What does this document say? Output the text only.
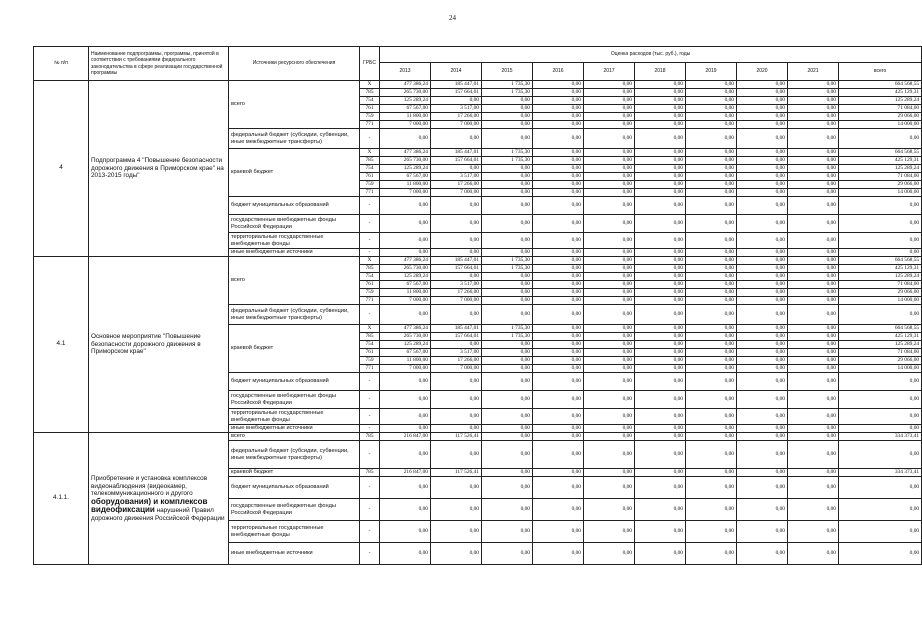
24
№ п/п	Наименование подпрограммы, программы, принятой в соответствии с требованиями федерального законодательства в сфере реализации государственной программы	Источники ресурсного обеспечения	ГРБС	Оценка расходов (тыс. руб.), годы									
				2013	2014	2015	2016	2017	2018	2019	2020	2021	всего
4	Подпрограмма 4 "Повышение безопасности дорожного движения в Приморском крае" на 2013-2015 годы"	всего	X	477 386,24	185 447,01	1 735,30	0,00	0,00	0,00	0,00	0,00	0,00	664 568,55
			785	265 730,00	157 664,01	1 735,30	0,00	0,00	0,00	0,00	0,00	0,00	425 129,31
			754	125 289,24	0,00	0,00	0,00	0,00	0,00	0,00	0,00	0,00	125 289,24
			761	67 567,00	3 517,00	0,00	0,00	0,00	0,00	0,00	0,00	0,00	71 084,00
			759	11 800,00	17 266,00	0,00	0,00	0,00	0,00	0,00	0,00	0,00	29 066,00
			771	7 000,00	7 000,00	0,00	0,00	0,00	0,00	0,00	0,00	0,00	14 000,00
		федеральный бюджет (субсидии, субвенции, иные межбюджетные трансферты)	-	0,00	0,00	0,00	0,00	0,00	0,00	0,00	0,00	0,00	0,00
		краевой бюджет	X	477 386,24	185 447,01	1 735,30	0,00	0,00	0,00	0,00	0,00	0,00	664 568,55
			785	265 730,00	157 664,01	1 735,30	0,00	0,00	0,00	0,00	0,00	0,00	425 129,31
			754	125 289,24	0,00	0,00	0,00	0,00	0,00	0,00	0,00	0,00	125 289,24
			761	67 567,00	3 517,00	0,00	0,00	0,00	0,00	0,00	0,00	0,00	71 084,00
			759	11 800,00	17 266,00	0,00	0,00	0,00	0,00	0,00	0,00	0,00	29 066,00
			771	7 000,00	7 000,00	0,00	0,00	0,00	0,00	0,00	0,00	0,00	14 000,00
		бюджет муниципальных образований	-	0,00	0,00	0,00	0,00	0,00	0,00	0,00	0,00	0,00	0,00
		государственные внебюджетные фонды Российской Федерации	-	0,00	0,00	0,00	0,00	0,00	0,00	0,00	0,00	0,00	0,00
		территориальные государственные внебюджетные фонды	-	0,00	0,00	0,00	0,00	0,00	0,00	0,00	0,00	0,00	0,00
		иные внебюджетные источники	-	0,00	0,00	0,00	0,00	0,00	0,00	0,00	0,00	0,00	0,00
4.1	Основное мероприятие "Повышение безопасности дорожного движения в Приморском крае"	всего	X	477 386,24	185 447,01	1 735,30	0,00	0,00	0,00	0,00	0,00	0,00	664 568,55
			785	265 730,00	157 664,01	1 735,30	0,00	0,00	0,00	0,00	0,00	0,00	425 129,31
			754	125 289,24	0,00	0,00	0,00	0,00	0,00	0,00	0,00	0,00	125 289,24
			761	67 567,00	3 517,00	0,00	0,00	0,00	0,00	0,00	0,00	0,00	71 084,00
			759	11 800,00	17 266,00	0,00	0,00	0,00	0,00	0,00	0,00	0,00	29 066,00
			771	7 000,00	7 000,00	0,00	0,00	0,00	0,00	0,00	0,00	0,00	14 000,00
		федеральный бюджет (субсидии, субвенции, иные межбюджетные трансферты)	-	0,00	0,00	0,00	0,00	0,00	0,00	0,00	0,00	0,00	0,00
		краевой бюджет	X	477 386,24	185 447,01	1 735,30	0,00	0,00	0,00	0,00	0,00	0,00	664 568,55
			785	265 730,00	157 664,01	1 735,30	0,00	0,00	0,00	0,00	0,00	0,00	425 129,31
			754	125 289,24	0,00	0,00	0,00	0,00	0,00	0,00	0,00	0,00	125 289,24
			761	67 567,00	3 517,00	0,00	0,00	0,00	0,00	0,00	0,00	0,00	71 084,00
			759	11 800,00	17 266,00	0,00	0,00	0,00	0,00	0,00	0,00	0,00	29 066,00
			771	7 000,00	7 000,00	0,00	0,00	0,00	0,00	0,00	0,00	0,00	14 000,00
		бюджет муниципальных образований	-	0,00	0,00	0,00	0,00	0,00	0,00	0,00	0,00	0,00	0,00
		государственные внебюджетные фонды Российской Федерации	-	0,00	0,00	0,00	0,00	0,00	0,00	0,00	0,00	0,00	0,00
		территориальные государственные внебюджетные фонды	-	0,00	0,00	0,00	0,00	0,00	0,00	0,00	0,00	0,00	0,00
		иные внебюджетные источники	-	0,00	0,00	0,00	0,00	0,00	0,00	0,00	0,00	0,00	0,00
4.1.1.	Приобретение и установка комплексов видеонаблюдения (видеокамер, телекоммуникационного и другого оборудования) и комплексов видеофиксации нарушений Правил дорожного движения Российской Федерации	всего	785	216 847,00	117 526,41	0,00	0,00	0,00	0,00	0,00	0,00	0,00	334 373,41
		федеральный бюджет (субсидии, субвенции, иные межбюджетные трансферты)	-	0,00	0,00	0,00	0,00	0,00	0,00	0,00	0,00	0,00	0,00
		краевой бюджет	785	216 847,00	117 526,41	0,00	0,00	0,00	0,00	0,00	0,00	0,00	334 373,41
		бюджет муниципальных образований	-	0,00	0,00	0,00	0,00	0,00	0,00	0,00	0,00	0,00	0,00
		государственные внебюджетные фонды Российской Федерации	-	0,00	0,00	0,00	0,00	0,00	0,00	0,00	0,00	0,00	0,00
		территориальные государственные внебюджетные фонды	-	0,00	0,00	0,00	0,00	0,00	0,00	0,00	0,00	0,00	0,00
		иные внебюджетные источники	-	0,00	0,00	0,00	0,00	0,00	0,00	0,00	0,00	0,00	0,00
